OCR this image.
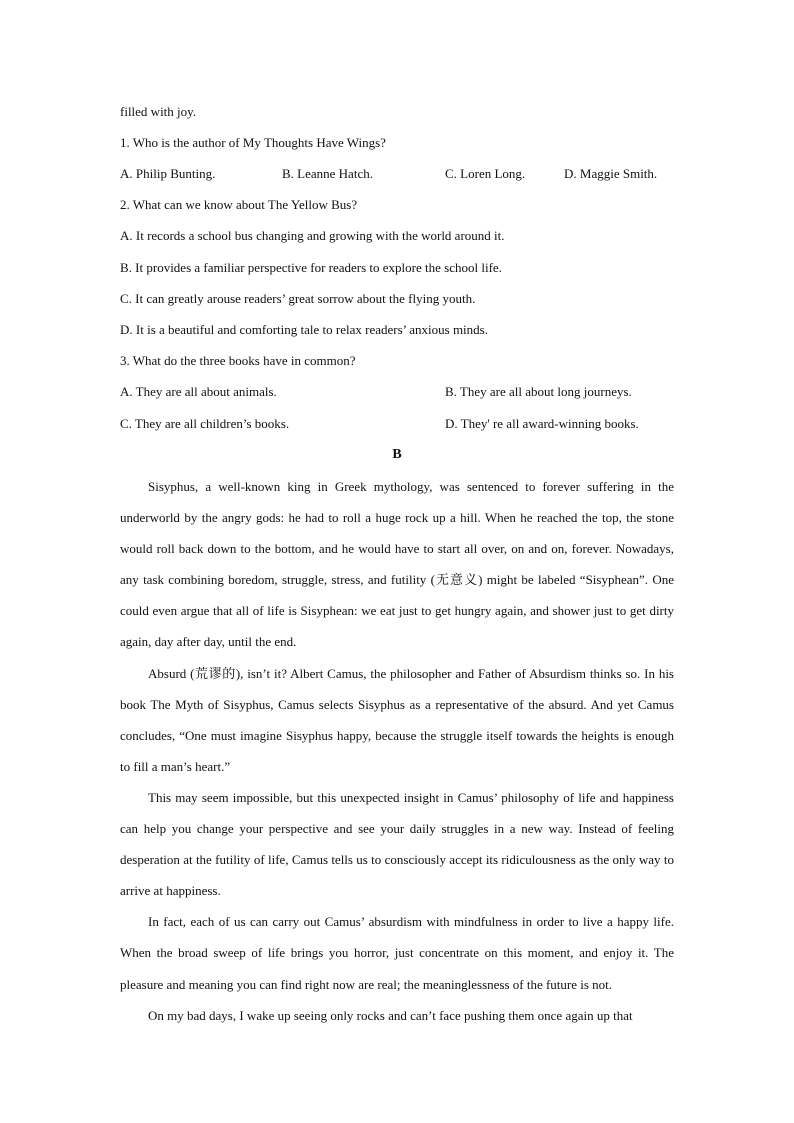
filled with joy.
1. Who is the author of My Thoughts Have Wings?
A. Philip Bunting.	B. Leanne Hatch.	C. Loren Long.	D. Maggie Smith.
2. What can we know about The Yellow Bus?
A. It records a school bus changing and growing with the world around it.
B. It provides a familiar perspective for readers to explore the school life.
C. It can greatly arouse readers’ great sorrow about the flying youth.
D. It is a beautiful and comforting tale to relax readers’ anxious minds.
3. What do the three books have in common?
A. They are all about animals.	B. They are all about long journeys.
C. They are all children’s books.	D. They' re all award-winning books.
B

Sisyphus, a well-known king in Greek mythology, was sentenced to forever suffering in the underworld by the angry gods: he had to roll a huge rock up a hill. When he reached the top, the stone would roll back down to the bottom, and he would have to start all over, on and on, forever. Nowadays, any task combining boredom, struggle, stress, and futility (无意义) might be labeled “Sisyphean”. One could even argue that all of life is Sisyphean: we eat just to get hungry again, and shower just to get dirty again, day after day, until the end.

Absurd (荒谬的), isn’t it? Albert Camus, the philosopher and Father of Absurdism thinks so. In his book The Myth of Sisyphus, Camus selects Sisyphus as a representative of the absurd. And yet Camus concludes, “One must imagine Sisyphus happy, because the struggle itself towards the heights is enough to fill a man’s heart.”

This may seem impossible, but this unexpected insight in Camus’ philosophy of life and happiness can help you change your perspective and see your daily struggles in a new way. Instead of feeling desperation at the futility of life, Camus tells us to consciously accept its ridiculousness as the only way to arrive at happiness.

In fact, each of us can carry out Camus’ absurdism with mindfulness in order to live a happy life. When the broad sweep of life brings you horror, just concentrate on this moment, and enjoy it. The pleasure and meaning you can find right now are real; the meaninglessness of the future is not.

On my bad days, I wake up seeing only rocks and can’t face pushing them once again up that
